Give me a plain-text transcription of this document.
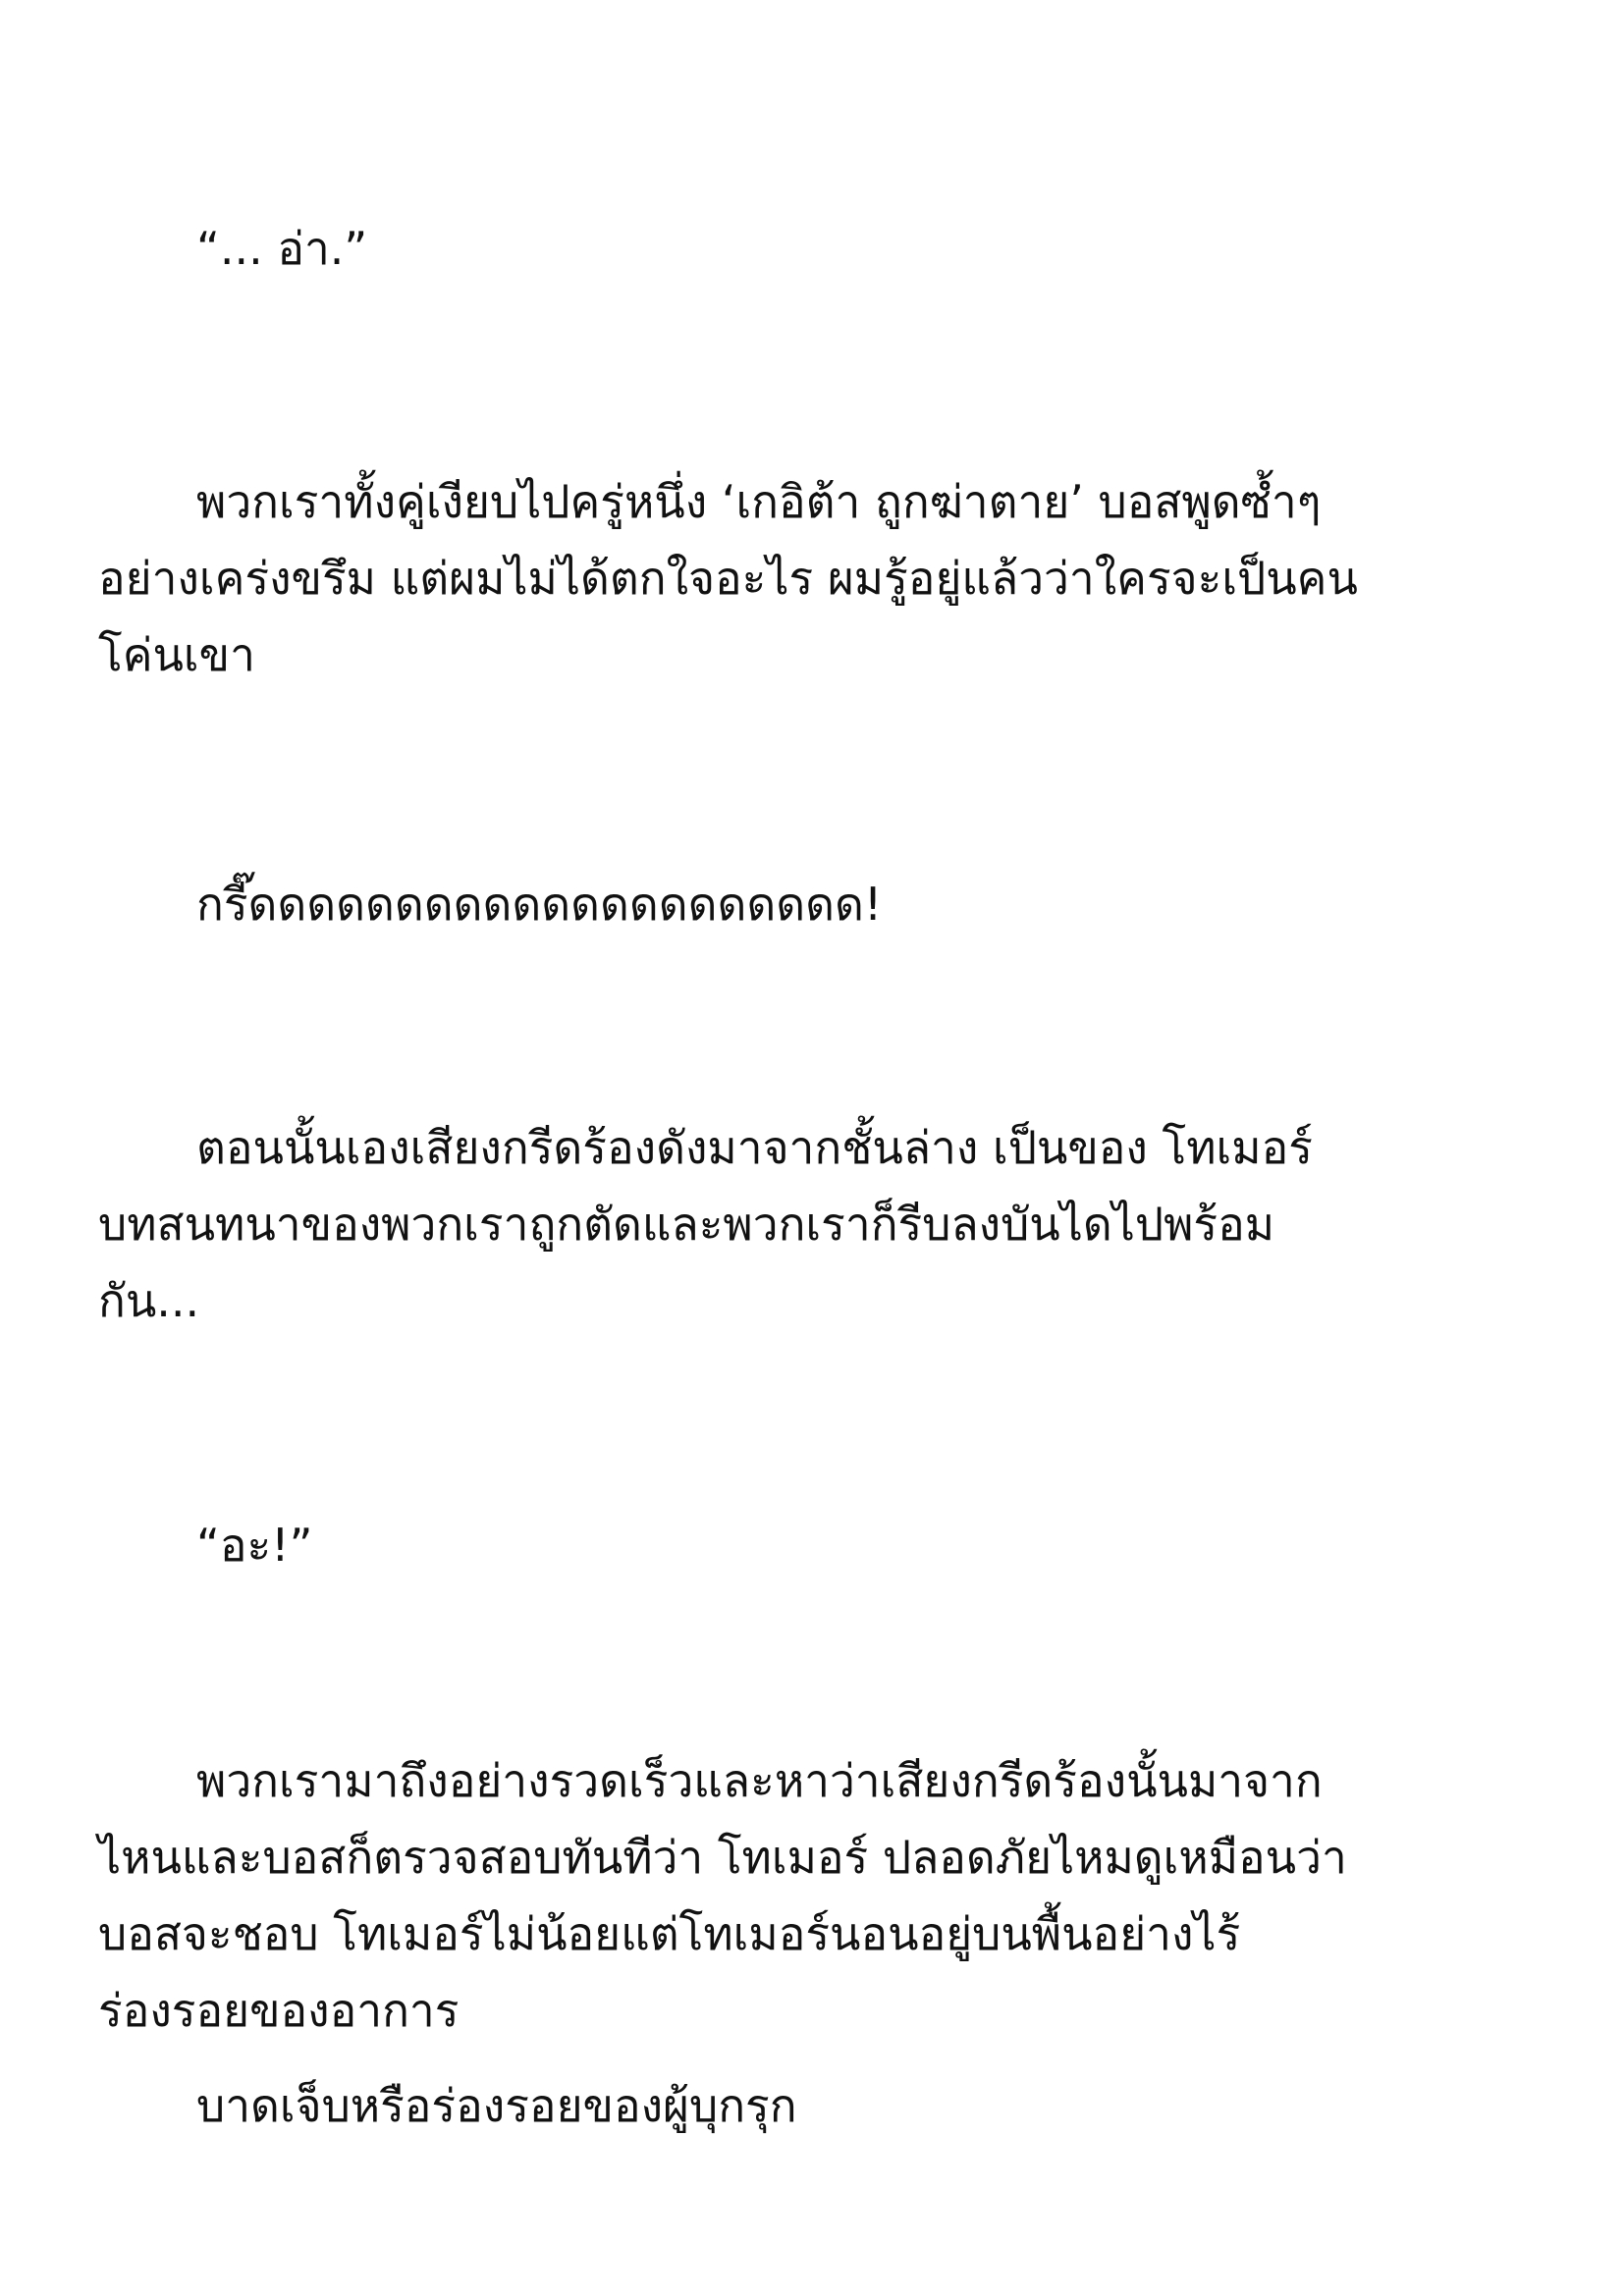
“... อ่า.”

พวกเราทั้งคู่เงียบไปครู่หนึ่ง ‘เกอิต้า ถูกฆ่าตาย’ บอสพูดซ้ำๆ
อย่างเคร่งขรึม แต่ผมไม่ได้ตกใจอะไร ผมรู้อยู่แล้วว่าใครจะเป็นคน
โค่นเขา

กรี๊ดดดดดดดดดดดดดดดดดดดดด!

ตอนนั้นเองเสียงกรีดร้องดังมาจากชั้นล่าง เป็นของ โทเมอร์
บทสนทนาของพวกเราถูกตัดและพวกเราก็รีบลงบันไดไปพร้อม
กัน...

“อะ!”

พวกเรามาถึงอย่างรวดเร็วและหาว่าเสียงกรีดร้องนั้นมาจาก
ไหนและบอสก็ตรวจสอบทันทีว่า โทเมอร์ ปลอดภัยไหมดูเหมือนว่า
บอสจะชอบ โทเมอร์ไม่น้อยแต่โทเมอร์นอนอยู่บนพื้นอย่างไร้
ร่องรอยของอาการ

บาดเจ็บหรือร่องรอยของผู้บุกรุก
